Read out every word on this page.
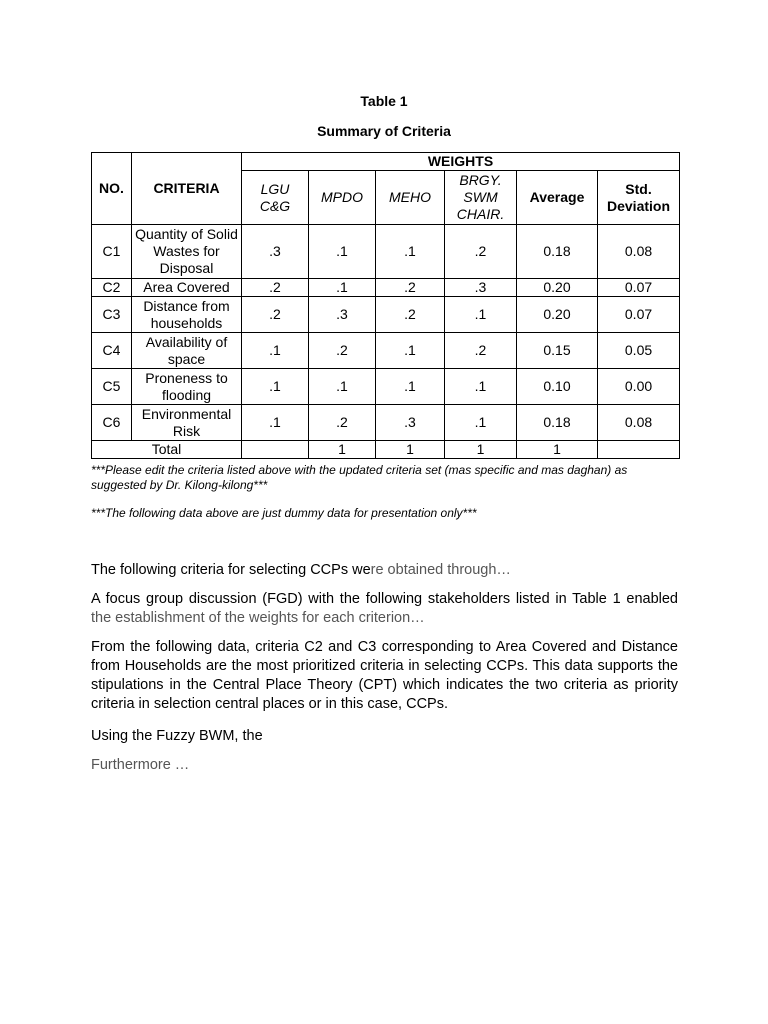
Table 1
Summary of Criteria
NO.	CRITERIA	WEIGHTS					
		LGU C&G	MPDO	MEHO	BRGY. SWM CHAIR.	Average	Std. Deviation
C1	Quantity of Solid Wastes for Disposal	.3	.1	.1	.2	0.18	0.08
C2	Area Covered	.2	.1	.2	.3	0.20	0.07
C3	Distance from households	.2	.3	.2	.1	0.20	0.07
C4	Availability of space	.1	.2	.1	.2	0.15	0.05
C5	Proneness to flooding	.1	.1	.1	.1	0.10	0.00
C6	Environmental Risk	.1	.2	.3	.1	0.18	0.08
Total			1	1	1	1	
***Please edit the criteria listed above with the updated criteria set (mas specific and mas daghan) as suggested by Dr. Kilong-kilong***
***The following data above are just dummy data for presentation only***
The following criteria for selecting CCPs were obtained through…
A focus group discussion (FGD) with the following stakeholders listed in Table 1 enabled the establishment of the weights for each criterion…
From the following data, criteria C2 and C3 corresponding to Area Covered and Distance from Households are the most prioritized criteria in selecting CCPs. This data supports the stipulations in the Central Place Theory (CPT) which indicates the two criteria as priority criteria in selection central places or in this case, CCPs.
Using the Fuzzy BWM, the
Furthermore …
